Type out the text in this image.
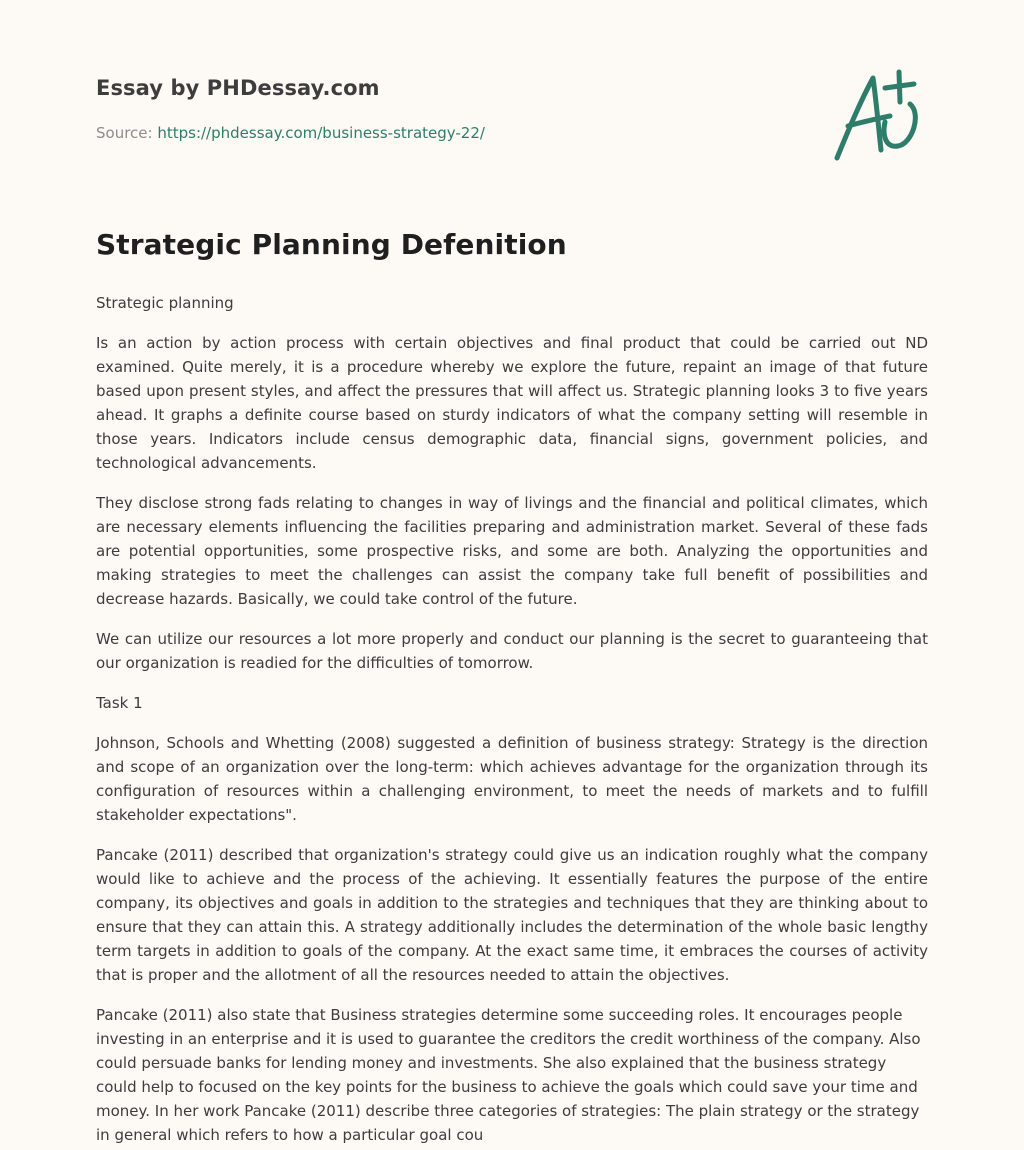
Essay by PHDessay.com
Source: https://phdessay.com/business-strategy-22/
Strategic Planning Defenition

Strategic planning

Is an action by action process with certain objectives and final product that could be carried out ND examined. Quite merely, it is a procedure whereby we explore the future, repaint an image of that future based upon present styles, and affect the pressures that will affect us. Strategic planning looks 3 to five years ahead. It graphs a definite course based on sturdy indicators of what the company setting will resemble in those years. Indicators include census demographic data, financial signs, government policies, and technological advancements.

They disclose strong fads relating to changes in way of livings and the financial and political climates, which are necessary elements influencing the facilities preparing and administration market. Several of these fads are potential opportunities, some prospective risks, and some are both. Analyzing the opportunities and making strategies to meet the challenges can assist the company take full benefit of possibilities and decrease hazards. Basically, we could take control of the future.

We can utilize our resources a lot more properly and conduct our planning is the secret to guaranteeing that our organization is readied for the difficulties of tomorrow.

Task 1

Johnson, Schools and Whetting (2008) suggested a definition of business strategy: Strategy is the direction and scope of an organization over the long-term: which achieves advantage for the organization through its configuration of resources within a challenging environment, to meet the needs of markets and to fulfill stakeholder expectations".

Pancake (2011) described that organization's strategy could give us an indication roughly what the company would like to achieve and the process of the achieving. It essentially features the purpose of the entire company, its objectives and goals in addition to the strategies and techniques that they are thinking about to ensure that they can attain this. A strategy additionally includes the determination of the whole basic lengthy term targets in addition to goals of the company. At the exact same time, it embraces the courses of activity that is proper and the allotment of all the resources needed to attain the objectives.

Pancake (2011) also state that Business strategies determine some succeeding roles. It encourages people investing in an enterprise and it is used to guarantee the creditors the credit worthiness of the company. Also could persuade banks for lending money and investments. She also explained that the business strategy could help to focused on the key points for the business to achieve the goals which could save your time and money. In her work Pancake (2011) describe three categories of strategies: The plain strategy or the strategy in general which refers to how a particular goal cou
